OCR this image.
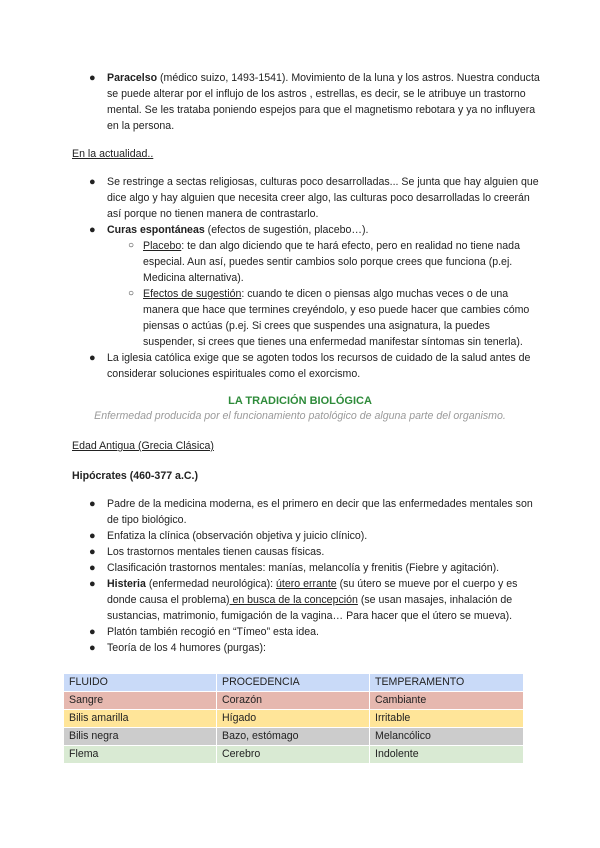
● Paracelso (médico suizo, 1493-1541). Movimiento de la luna y los astros. Nuestra conducta se puede alterar por el influjo de los astros , estrellas, es decir, se le atribuye un trastorno mental. Se les trataba poniendo espejos para que el magnetismo rebotara y ya no influyera en la persona.
En la actualidad..
● Se restringe a sectas religiosas, culturas poco desarrolladas... Se junta que hay alguien que dice algo y hay alguien que necesita creer algo, las culturas poco desarrolladas lo creerán así porque no tienen manera de contrastarlo.
● Curas espontáneas (efectos de sugestión, placebo…).
○ Placebo: te dan algo diciendo que te hará efecto, pero en realidad no tiene nada especial. Aun así, puedes sentir cambios solo porque crees que funciona (p.ej. Medicina alternativa).
○ Efectos de sugestión: cuando te dicen o piensas algo muchas veces o de una manera que hace que termines creyéndolo, y eso puede hacer que cambies cómo piensas o actúas (p.ej. Si crees que suspendes una asignatura, la puedes suspender, si crees que tienes una enfermedad manifestar síntomas sin tenerla).
● La iglesia católica exige que se agoten todos los recursos de cuidado de la salud antes de considerar soluciones espirituales como el exorcismo.
LA TRADICIÓN BIOLÓGICA
Enfermedad producida por el funcionamiento patológico de alguna parte del organismo.
Edad Antigua (Grecia Clásica)
Hipócrates (460-377 a.C.)
● Padre de la medicina moderna, es el primero en decir que las enfermedades mentales son de tipo biológico.
● Enfatiza la clínica (observación objetiva y juicio clínico).
● Los trastornos mentales tienen causas físicas.
● Clasificación trastornos mentales: manías, melancolía y frenitis (Fiebre y agitación).
● Histeria (enfermedad neurológica): útero errante (su útero se mueve por el cuerpo y es donde causa el problema) en busca de la concepción (se usan masajes, inhalación de sustancias, matrimonio, fumigación de la vagina… Para hacer que el útero se mueva).
● Platón también recogió en “Tímeo” esta idea.
● Teoría de los 4 humores (purgas):
FLUIDO	PROCEDENCIA	TEMPERAMENTO
Sangre	Corazón	Cambiante
Bilis amarilla	Hígado	Irritable
Bilis negra	Bazo, estómago	Melancólico
Flema	Cerebro	Indolente
